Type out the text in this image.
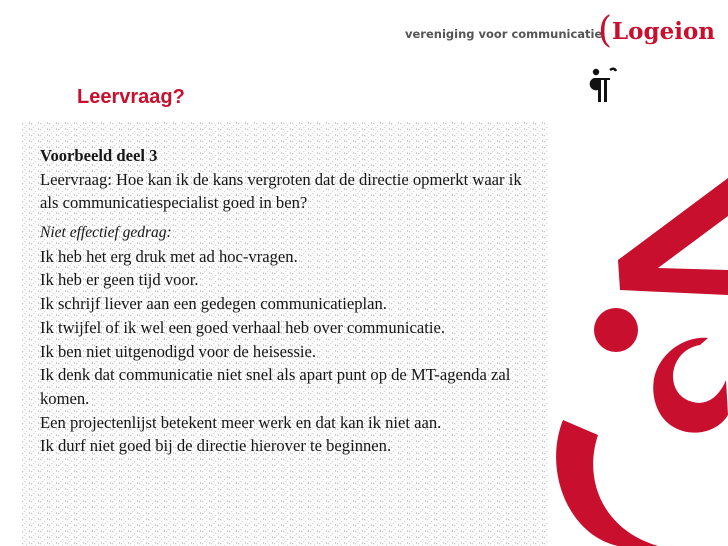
vereniging voor communicatie
( Logeion
Leervraag?
Voorbeeld deel 3
Leervraag: Hoe kan ik de kans vergroten dat de directie opmerkt waar ik
als communicatiespecialist goed in ben?
Niet effectief gedrag:
Ik heb het erg druk met ad hoc-vragen.
Ik heb er geen tijd voor.
Ik schrijf liever aan een gedegen communicatieplan.
Ik twijfel of ik wel een goed verhaal heb over communicatie.
Ik ben niet uitgenodigd voor de heisessie.
Ik denk dat communicatie niet snel als apart punt op de MT-agenda zal
komen.
Een projectenlijst betekent meer werk en dat kan ik niet aan.
Ik durf niet goed bij de directie hierover te beginnen.
